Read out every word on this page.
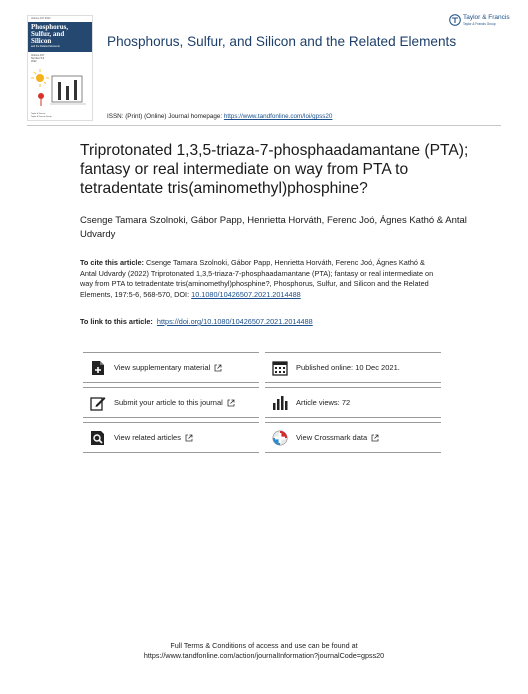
Volume 197 2022
Phosphorus,
Sulfur, and
Silicon
and the Related Elements
Volume 197
Number 5-6
2022
Taylor & Francis
Taylor & Francis Group
Phosphorus, Sulfur, and Silicon and the Related Elements
Taylor & Francis
Taylor & Francis Group
ISSN: (Print) (Online) Journal homepage: https://www.tandfonline.com/loi/gpss20
Triprotonated 1,3,5-triaza-7-phosphaadamantane (PTA); fantasy or real intermediate on way from PTA to tetradentate tris(aminomethyl)phosphine?
Csenge Tamara Szolnoki, Gábor Papp, Henrietta Horváth, Ferenc Joó, Ágnes Kathó & Antal Udvardy
To cite this article: Csenge Tamara Szolnoki, Gábor Papp, Henrietta Horváth, Ferenc Joó, Ágnes Kathó & Antal Udvardy (2022) Triprotonated 1,3,5-triaza-7-phosphaadamantane (PTA); fantasy or real intermediate on way from PTA to tetradentate tris(aminomethyl)phosphine?, Phosphorus, Sulfur, and Silicon and the Related Elements, 197:5-6, 568-570, DOI: 10.1080/10426507.2021.2014488
To link to this article: https://doi.org/10.1080/10426507.2021.2014488
View supplementary material	Published online: 10 Dec 2021.
Submit your article to this journal	Article views: 72
View related articles	View Crossmark data
Full Terms & Conditions of access and use can be found at
https://www.tandfonline.com/action/journalInformation?journalCode=gpss20
